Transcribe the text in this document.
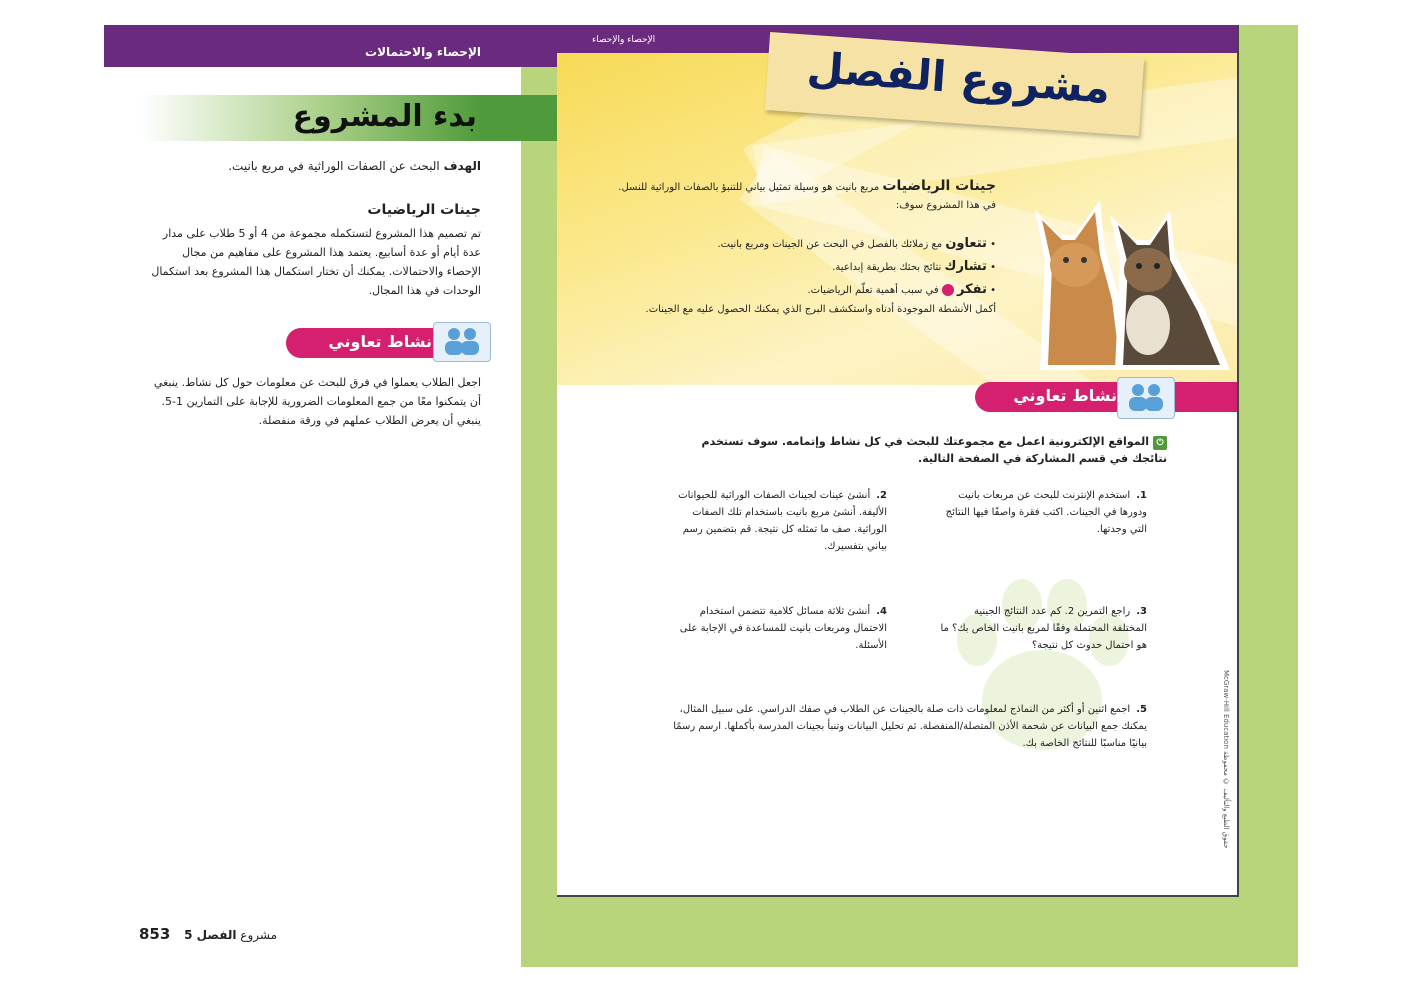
الإحصاء والاحتمالات
بدء المشروع
الهدف البحث عن الصفات الوراثية في مربع بانيت.
جينات الرياضيات
تم تصميم هذا المشروع لتستكمله مجموعة من 4 أو 5 طلاب على مدار عدة أيام أو عدة أسابيع. يعتمد هذا المشروع على مفاهيم من مجال الإحصاء والاحتمالات. يمكنك أن تختار استكمال هذا المشروع بعد استكمال الوحدات في هذا المجال.
نشاط تعاوني
اجعل الطلاب يعملوا في فرق للبحث عن معلومات حول كل نشاط. ينبغي أن يتمكنوا معًا من جمع المعلومات الضرورية للإجابة على التمارين 1-5. ينبغي أن يعرض الطلاب عملهم في ورقة منفصلة.
853	مشروع الفصل 5
الإحصاء والإحصاء
مشروع الفصل
جينات الرياضيات مربع بانيت هو وسيلة تمثيل بياني للتنبؤ بالصفات الوراثية للنسل. في هذا المشروع سوف:
• تتعاون مع زملائك بالفصل في البحث عن الجينات ومربع بانيت.
• تشارك نتائج بحثك بطريقة إبداعية.
• تفكر  في سبب أهمية تعلّم الرياضيات.
أكمل الأنشطة الموجودة أدناه واستكشف البرج الذي يمكنك الحصول عليه مع الجينات.
نشاط تعاوني
⏻المواقع الإلكترونية اعمل مع مجموعتك للبحث في كل نشاط وإتمامه. سوف تستخدم نتائجك في قسم المشاركة في الصفحة التالية.
1.استخدم الإنترنت للبحث عن مربعات بانيت ودورها في الجينات. اكتب فقرة واصفًا فيها النتائج التي وجدتها.
2.أنشئ عينات لجينات الصفات الوراثية للحيوانات الأليفة. أنشئ مربع بانيت باستخدام تلك الصفات الوراثية. صف ما تمثله كل نتيجة. قم بتضمين رسم بياني بتفسيرك.
3.راجع التمرين 2. كم عدد النتائج الجينية المختلفة المحتملة وفقًا لمربع بانيت الخاص بك؟ ما هو احتمال حدوث كل نتيجة؟
4.أنشئ ثلاثة مسائل كلامية تتضمن استخدام الاحتمال ومربعات بانيت للمساعدة في الإجابة على الأسئلة.
5.اجمع اثنين أو أكثر من النماذج لمعلومات ذات صلة بالجينات عن الطلاب في صفك الدراسي. على سبيل المثال، يمكنك جمع البيانات عن شحمة الأذن المتصلة/المنفصلة. ثم تحليل البيانات وتنبأ بجينات المدرسة بأكملها. ارسم رسمًا بيانيًا مناسبًا للنتائج الخاصة بك.	McGraw-Hill Education حقوق الطبع والتأليف © محفوظة
